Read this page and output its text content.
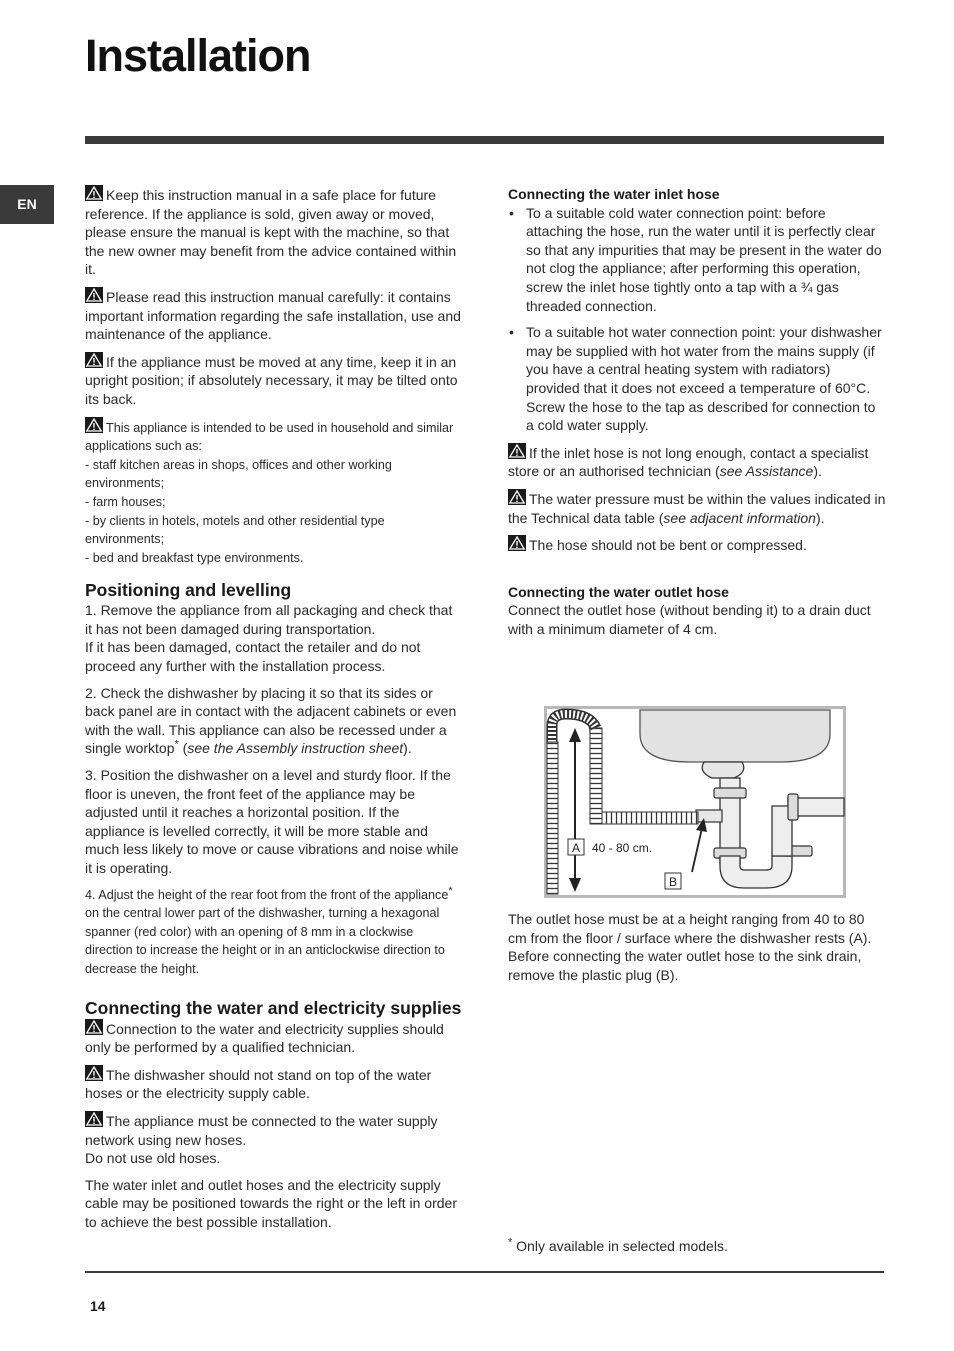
Installation
EN

Keep this instruction manual in a safe place for future reference. If the appliance is sold, given away or moved, please ensure the manual is kept with the machine, so that the new owner may benefit from the advice contained within it.

Please read this instruction manual carefully: it contains important information regarding the safe installation, use and maintenance of the appliance.

If the appliance must be moved at any time, keep it in an upright position; if absolutely necessary, it may be tilted onto its back.

This appliance is intended to be used in household and similar applications such as:
- staff kitchen areas in shops, offices and other working environments;
- farm houses;
- by clients in hotels, motels and other residential type environments;
- bed and breakfast type environments.
Positioning and levelling

1. Remove the appliance from all packaging and check that it has not been damaged during transportation.
If it has been damaged, contact the retailer and do not proceed any further with the installation process.

2. Check the dishwasher by placing it so that its sides or back panel are in contact with the adjacent cabinets or even with the wall. This appliance can also be recessed under a single worktop* (see the Assembly instruction sheet).

3. Position the dishwasher on a level and sturdy floor. If the floor is uneven, the front feet of the appliance may be adjusted until it reaches a horizontal position. If the appliance is levelled correctly, it will be more stable and much less likely to move or cause vibrations and noise while it is operating.

4. Adjust the height of the rear foot from the front of the appliance* on the central lower part of the dishwasher, turning a hexagonal spanner (red color) with an opening of 8 mm in a clockwise direction to increase the height or in an anticlockwise direction to decrease the height.

Connecting the water and electricity supplies

Connection to the water and electricity supplies should only be performed by a qualified technician.

The dishwasher should not stand on top of the water hoses or the electricity supply cable.

The appliance must be connected to the water supply network using new hoses.
Do not use old hoses.

The water inlet and outlet hoses and the electricity supply cable may be positioned towards the right or the left in order to achieve the best possible installation.

Connecting the water inlet hose
• To a suitable cold water connection point: before attaching the hose, run the water until it is perfectly clear so that any impurities that may be present in the water do not clog the appliance; after performing this operation, screw the inlet hose tightly onto a tap with a ¾ gas threaded connection.
• To a suitable hot water connection point: your dishwasher may be supplied with hot water from the mains supply (if you have a central heating system with radiators) provided that it does not exceed a temperature of 60°C.
Screw the hose to the tap as described for connection to a cold water supply.

If the inlet hose is not long enough, contact a specialist store or an authorised technician (see Assistance).

The water pressure must be within the values indicated in the Technical data table (see adjacent information).

The hose should not be bent or compressed.

Connecting the water outlet hose

Connect the outlet hose (without bending it) to a drain duct with a minimum diameter of 4 cm.

A 40 - 80 cm.
B
The outlet hose must be at a height ranging from 40 to 80 cm from the floor / surface where the dishwasher rests (A).
Before connecting the water outlet hose to the sink drain, remove the plastic plug (B).
* Only available in selected models.
14
